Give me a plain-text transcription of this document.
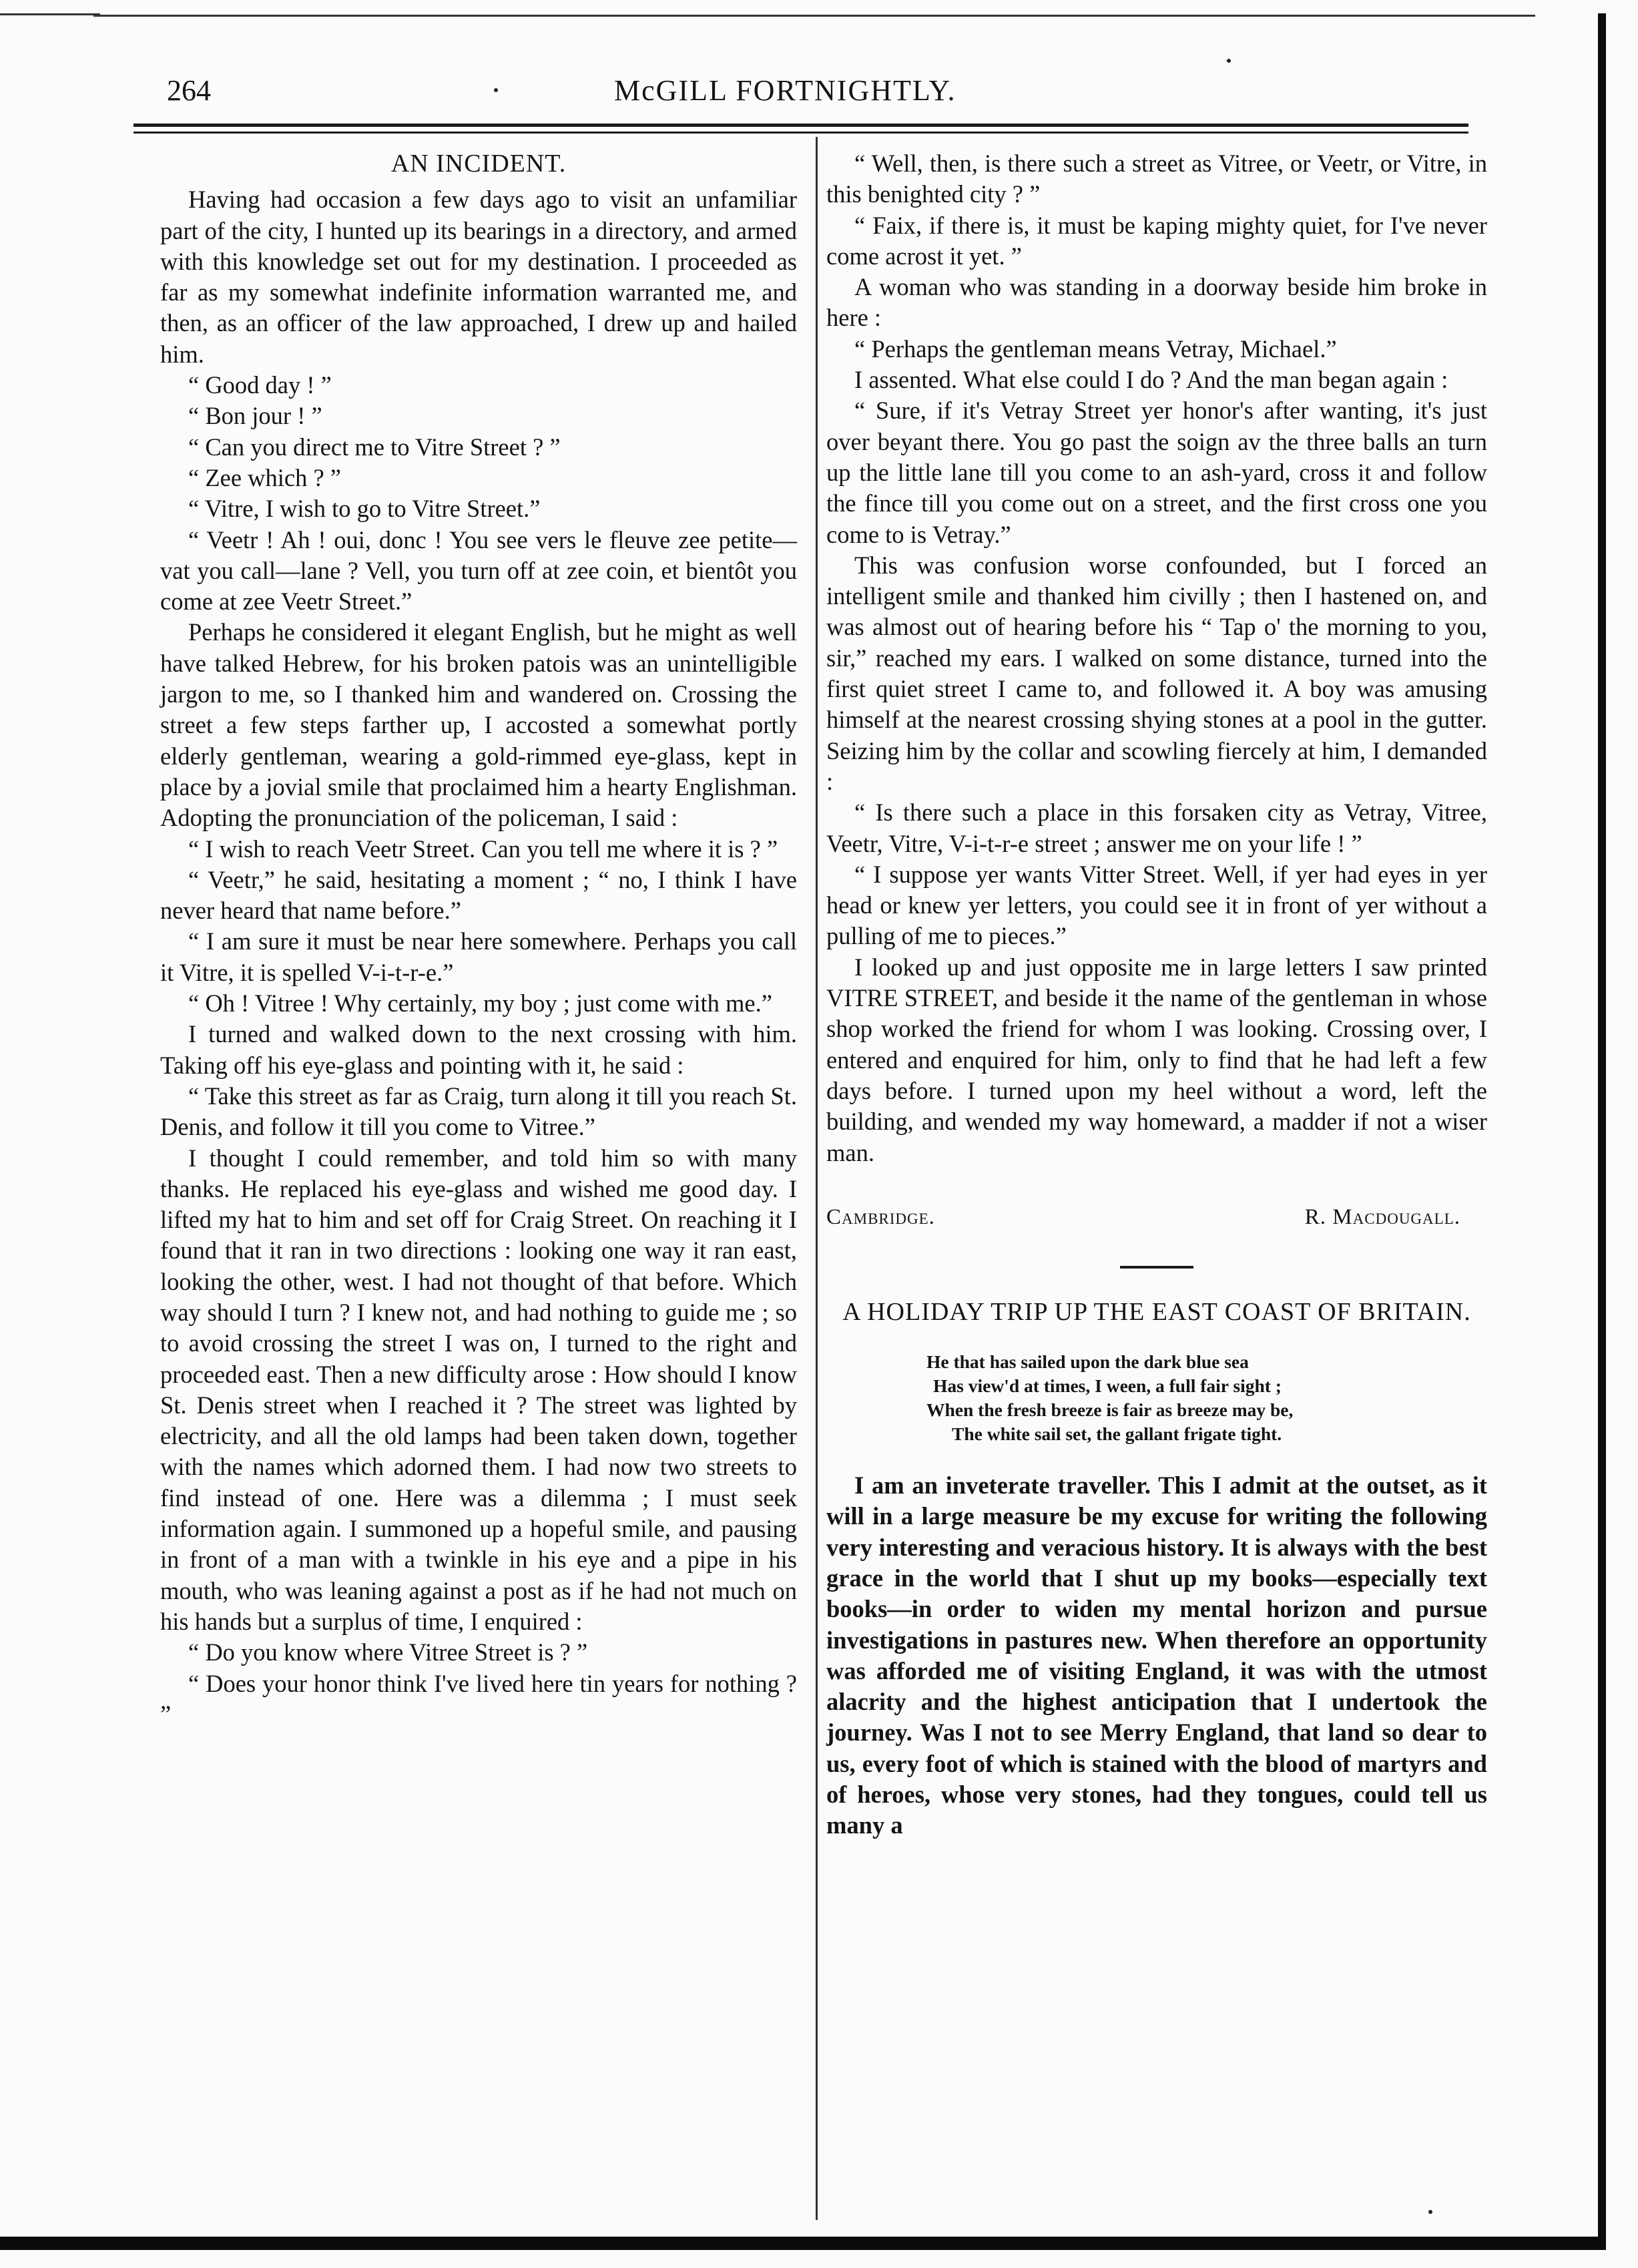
264	McGILL FORTNIGHTLY.
AN INCIDENT.

Having had occasion a few days ago to visit an unfamiliar part of the city, I hunted up its bearings in a directory, and armed with this knowledge set out for my destination. I proceeded as far as my somewhat indefinite information warranted me, and then, as an officer of the law approached, I drew up and hailed him.

“ Good day ! ”

“ Bon jour ! ”

“ Can you direct me to Vitre Street ? ”

“ Zee which ? ”

“ Vitre, I wish to go to Vitre Street.”

“ Veetr ! Ah ! oui, donc ! You see vers le fleuve zee petite—vat you call—lane ? Vell, you turn off at zee coin, et bientôt you come at zee Veetr Street.”

Perhaps he considered it elegant English, but he might as well have talked Hebrew, for his broken patois was an unintelligible jargon to me, so I thanked him and wandered on. Crossing the street a few steps farther up, I accosted a somewhat portly elderly gentleman, wearing a gold-rimmed eye-glass, kept in place by a jovial smile that proclaimed him a hearty Englishman. Adopting the pronunciation of the policeman, I said :

“ I wish to reach Veetr Street. Can you tell me where it is ? ”

“ Veetr,” he said, hesitating a moment ; “ no, I think I have never heard that name before.”

“ I am sure it must be near here somewhere. Perhaps you call it Vitre, it is spelled V-i-t-r-e.”

“ Oh ! Vitree ! Why certainly, my boy ; just come with me.”

I turned and walked down to the next crossing with him. Taking off his eye-glass and pointing with it, he said :

“ Take this street as far as Craig, turn along it till you reach St. Denis, and follow it till you come to Vitree.”

I thought I could remember, and told him so with many thanks. He replaced his eye-glass and wished me good day. I lifted my hat to him and set off for Craig Street. On reaching it I found that it ran in two directions : looking one way it ran east, looking the other, west. I had not thought of that before. Which way should I turn ? I knew not, and had nothing to guide me ; so to avoid crossing the street I was on, I turned to the right and proceeded east. Then a new difficulty arose : How should I know St. Denis street when I reached it ? The street was lighted by electricity, and all the old lamps had been taken down, together with the names which adorned them. I had now two streets to find instead of one. Here was a dilemma ; I must seek information again. I summoned up a hopeful smile, and pausing in front of a man with a twinkle in his eye and a pipe in his mouth, who was leaning against a post as if he had not much on his hands but a surplus of time, I enquired :

“ Do you know where Vitree Street is ? ”

“ Does your honor think I've lived here tin years for nothing ? ”

“ Well, then, is there such a street as Vitree, or Veetr, or Vitre, in this benighted city ? ”

“ Faix, if there is, it must be kaping mighty quiet, for I've never come acrost it yet. ”

A woman who was standing in a doorway beside him broke in here :

“ Perhaps the gentleman means Vetray, Michael.”

I assented. What else could I do ? And the man began again :

“ Sure, if it's Vetray Street yer honor's after wanting, it's just over beyant there. You go past the soign av the three balls an turn up the little lane till you come to an ash-yard, cross it and follow the fince till you come out on a street, and the first cross one you come to is Vetray.”

This was confusion worse confounded, but I forced an intelligent smile and thanked him civilly ; then I hastened on, and was almost out of hearing before his “ Tap o' the morning to you, sir,” reached my ears. I walked on some distance, turned into the first quiet street I came to, and followed it. A boy was amusing himself at the nearest crossing shying stones at a pool in the gutter. Seizing him by the collar and scowling fiercely at him, I demanded :

“ Is there such a place in this forsaken city as Vetray, Vitree, Veetr, Vitre, V-i-t-r-e street ; answer me on your life ! ”

“ I suppose yer wants Vitter Street. Well, if yer had eyes in yer head or knew yer letters, you could see it in front of yer without a pulling of me to pieces.”

I looked up and just opposite me in large letters I saw printed VITRE STREET, and beside it the name of the gentleman in whose shop worked the friend for whom I was looking. Crossing over, I entered and enquired for him, only to find that he had left a few days before. I turned upon my heel without a word, left the building, and wended my way homeward, a madder if not a wiser man.

Cambridge.	R. Macdougall.
A HOLIDAY TRIP UP THE EAST COAST OF BRITAIN.
He that has sailed upon the dark blue sea
Has view'd at times, I ween, a full fair sight ;
When the fresh breeze is fair as breeze may be,
The white sail set, the gallant frigate tight.

I am an inveterate traveller. This I admit at the outset, as it will in a large measure be my excuse for writing the following very interesting and veracious history. It is always with the best grace in the world that I shut up my books—especially text books—in order to widen my mental horizon and pursue investigations in pastures new. When therefore an opportunity was afforded me of visiting England, it was with the utmost alacrity and the highest anticipation that I undertook the journey. Was I not to see Merry England, that land so dear to us, every foot of which is stained with the blood of martyrs and of heroes, whose very stones, had they tongues, could tell us many a
